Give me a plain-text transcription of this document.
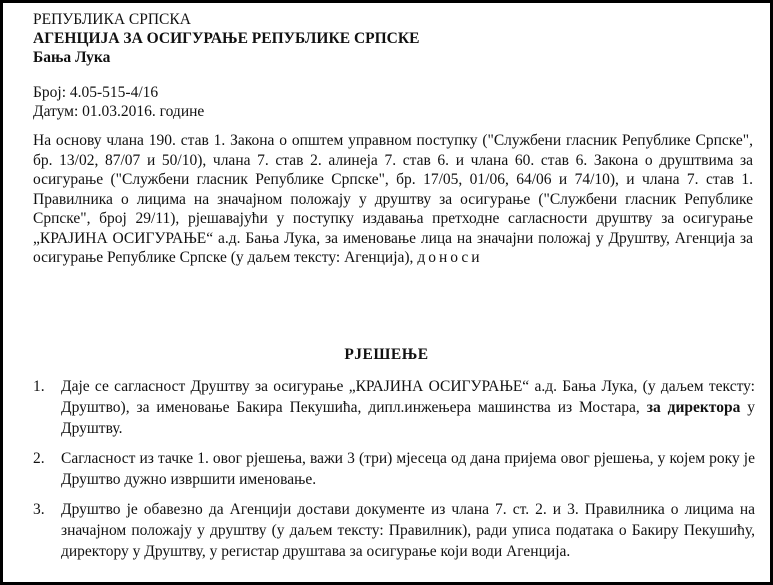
РЕПУБЛИКА СРПСКА
АГЕНЦИЈА ЗА ОСИГУРАЊЕ РЕПУБЛИКЕ СРПСКЕ
Бања Лука
Број: 4.05-515-4/16
Датум: 01.03.2016. године
На основу члана 190. став 1. Закона о општем управном поступку ("Службени гласник Републике Српске", бр. 13/02, 87/07 и 50/10), члана 7. став 2. алинеја 7. став 6. и члана 60. став 6. Закона о друштвима за осигурање ("Службени гласник Републике Српске", бр. 17/05, 01/06, 64/06 и 74/10), и члана 7. став 1. Правилника о лицима на значајном положају у друштву за осигурање ("Службени гласник Републике Српске", број 29/11), рјешавајући у поступку издавања претходне сагласности друштву за осигурање „КРАЈИНА ОСИГУРАЊЕ“ а.д. Бања Лука, за именовање лица на значајни положај у Друштву, Агенција за осигурање Републике Српске (у даљем тексту: Агенција), доноси
РЈЕШЕЊЕ
1. Даје се сагласност Друштву за осигурање „КРАЈИНА ОСИГУРАЊЕ“ а.д. Бања Лука, (у даљем тексту: Друштво), за именовање Бакира Пекушића, дипл.инжењера машинства из Мостара, за директора у Друштву.
2. Сагласност из тачке 1. овог рјешења, важи 3 (три) мјесеца од дана пријема овог рјешења, у којем року је Друштво дужно извршити именовање.
3. Друштво је обавезно да Агенцији достави документе из члана 7. ст. 2. и 3. Правилника о лицима на значајном положају у друштву (у даљем тексту: Правилник), ради уписа података о Бакиру Пекушићу, директору у Друштву, у регистар друштава за осигурање који води Агенција.
